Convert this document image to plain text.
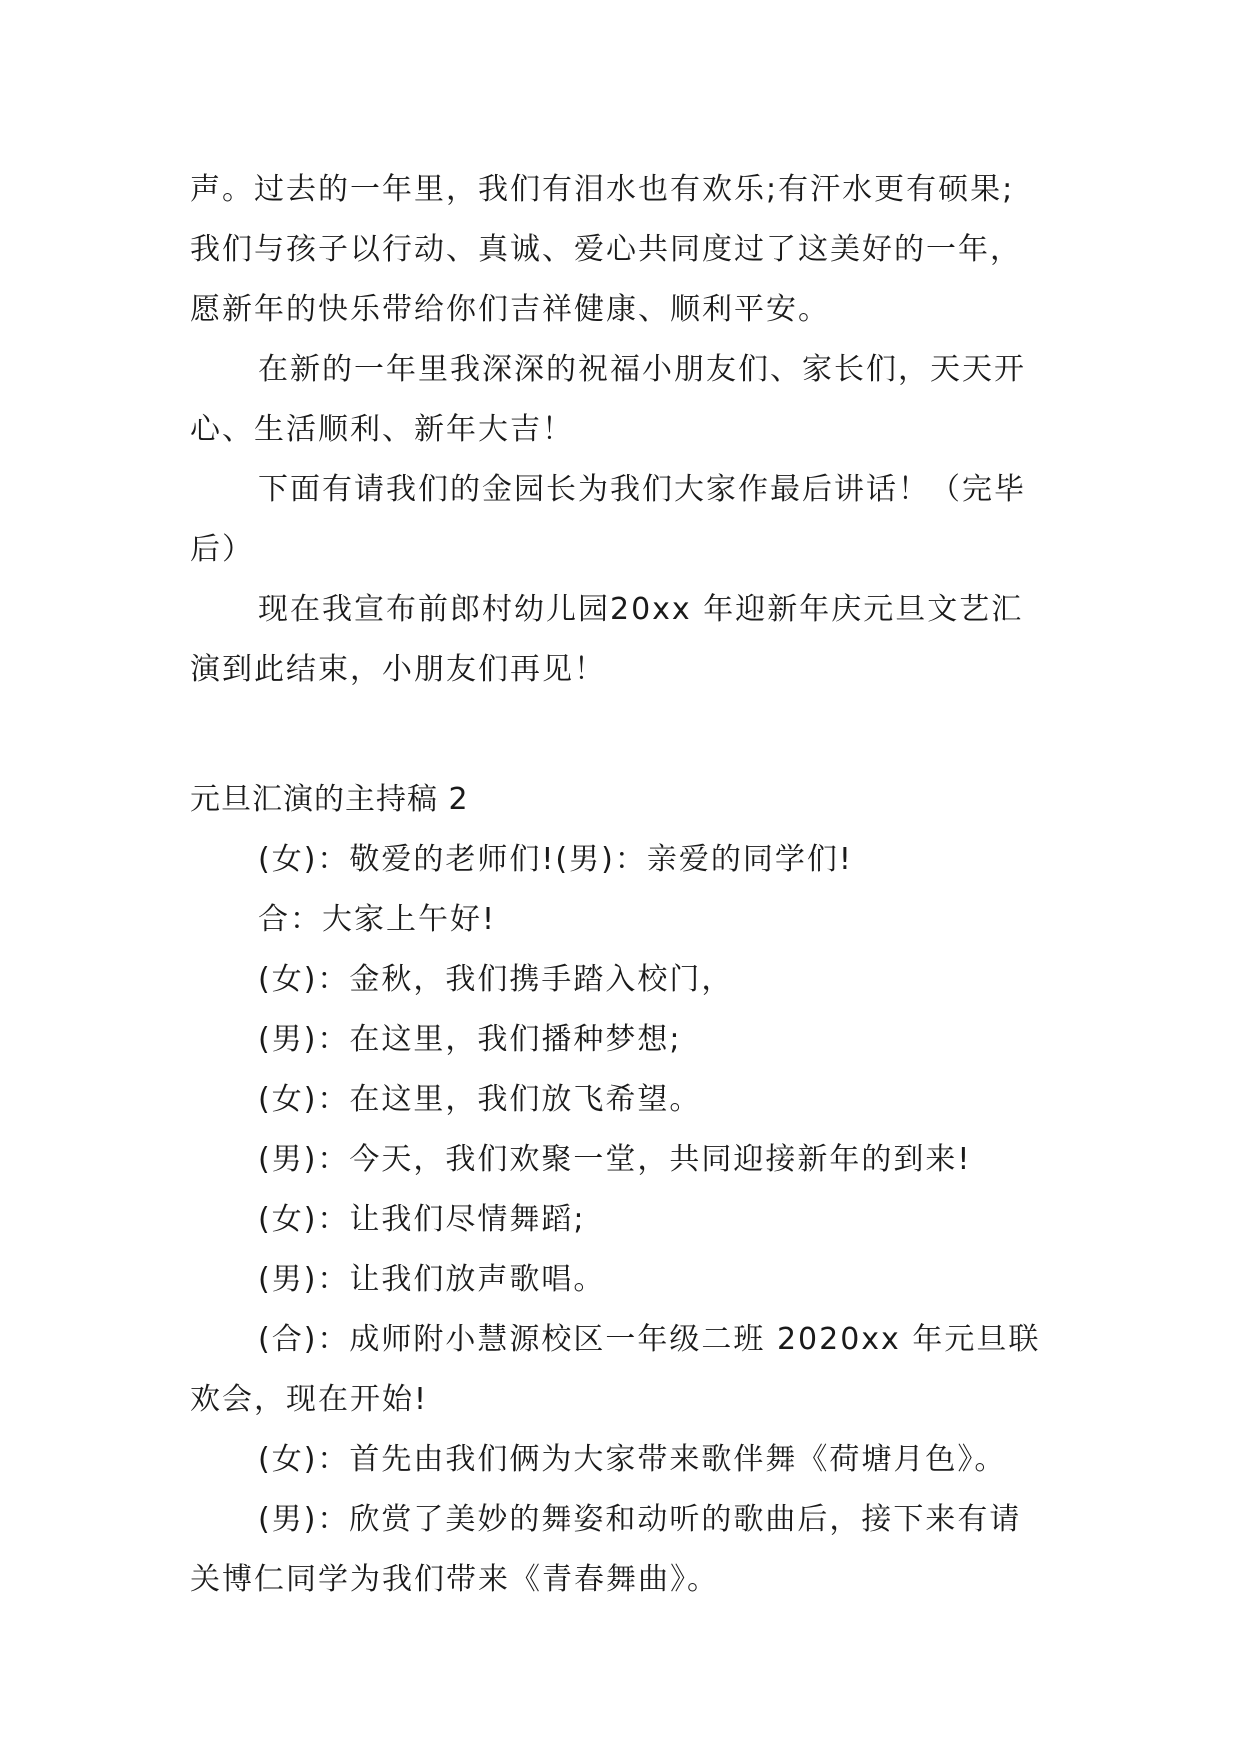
声。过去的一年里，我们有泪水也有欢乐;有汗水更有硕果;

我们与孩子以行动、真诚、爱心共同度过了这美好的一年，

愿新年的快乐带给你们吉祥健康、顺利平安。

在新的一年里我深深的祝福小朋友们、家长们，天天开

心、生活顺利、新年大吉！

下面有请我们的金园长为我们大家作最后讲话！（完毕

后）

现在我宣布前郎村幼儿园20xx 年迎新年庆元旦文艺汇

演到此结束，小朋友们再见！

元旦汇演的主持稿 2

(女)：敬爱的老师们!(男)：亲爱的同学们!

合：大家上午好!

(女)：金秋，我们携手踏入校门，

(男)：在这里，我们播种梦想;

(女)：在这里，我们放飞希望。

(男)：今天，我们欢聚一堂，共同迎接新年的到来!

(女)：让我们尽情舞蹈;

(男)：让我们放声歌唱。

(合)：成师附小慧源校区一年级二班 2020xx 年元旦联

欢会，现在开始!

(女)：首先由我们俩为大家带来歌伴舞《荷塘月色》。

(男)：欣赏了美妙的舞姿和动听的歌曲后，接下来有请

关博仁同学为我们带来《青春舞曲》。
